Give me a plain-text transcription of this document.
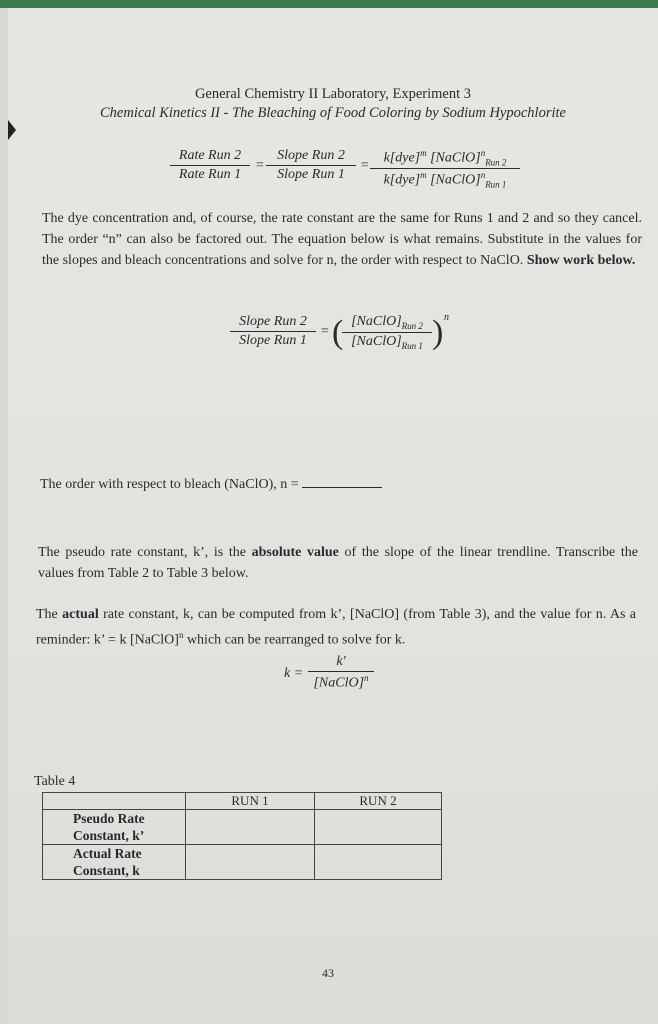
General Chemistry II Laboratory, Experiment 3
Chemical Kinetics II - The Bleaching of Food Coloring by Sodium Hypochlorite
Rate Run 2
Rate Run 1
=
Slope Run 2
Slope Run 1
=	k[dye]$^m$ [NaClO]$^n_{Run 2}$
k[dye]$^m$ [NaClO]$^n_{Run 1}$
The dye concentration and, of course, the rate constant are the same for Runs 1 and 2 and so they cancel. The order “n” can also be factored out. The equation below is what remains. Substitute in the values for the slopes and bleach concentrations and solve for n, the order with respect to NaClO. Show work below.
Slope Run 2
Slope Run 1
= ( $[NaClO]_{Run 2}$
$[NaClO]_{Run 1}$ ) n
The order with respect to bleach (NaClO), n =
The pseudo rate constant, k’, is the absolute value of the slope of the linear trendline. Transcribe the values from Table 2 to Table 3 below.
The actual rate constant, k, can be computed from k’, [NaClO] (from Table 3), and the value for n. As a reminder: k’ = k [NaClO]$^n$ which can be rearranged to solve for k.
k =
k′
[NaClO]$^n$
Table 4
	RUN 1	RUN 2

Pseudo Rate
Constant, k’		

Actual Rate
Constant, k		

43
